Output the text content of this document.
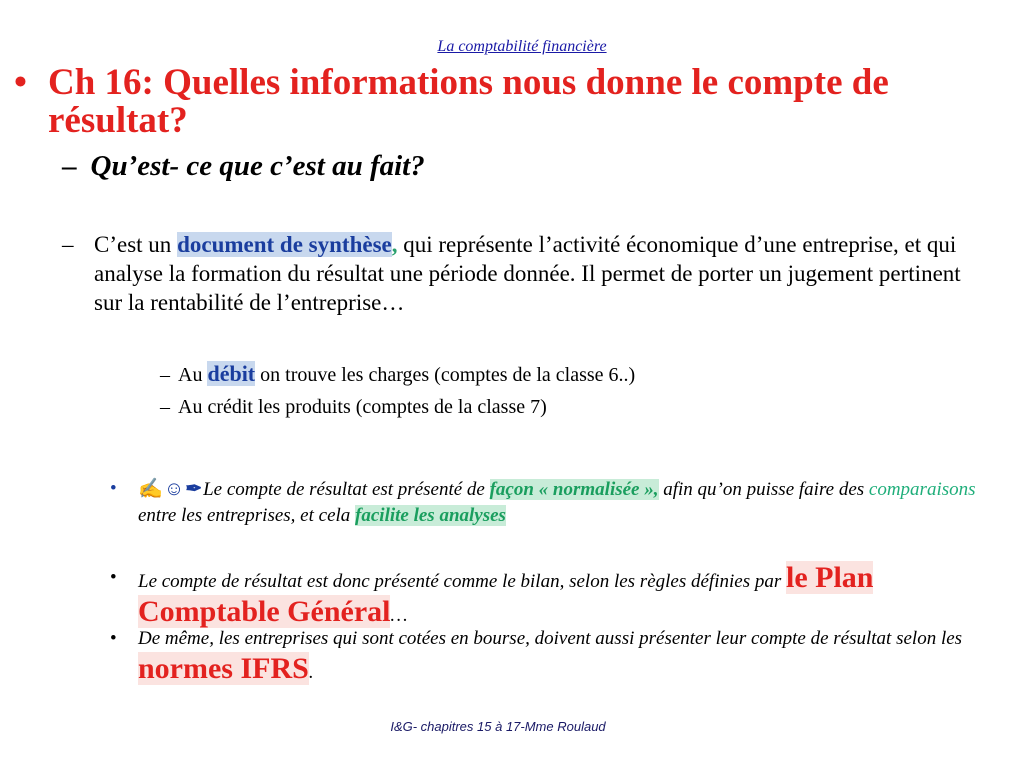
La comptabilité financière
• Ch 16: Quelles informations nous donne le compte de résultat?
– Qu’est- ce que c’est au fait?
– C’est un document de synthèse, qui représente l’activité économique d’une entreprise, et qui analyse la formation du résultat une période donnée. Il permet de porter un jugement pertinent sur la rentabilité de l’entreprise…
– Au débit on trouve les charges (comptes de la classe 6..)
– Au crédit les produits (comptes de la classe 7)
• ✍☺✒Le compte de résultat est présenté de façon « normalisée », afin qu’on puisse faire des comparaisons entre les entreprises, et cela facilite les analyses
• Le compte de résultat est donc présenté comme le bilan, selon les règles définies par le Plan Comptable Général…
• De même, les entreprises qui sont cotées en bourse, doivent aussi présenter leur compte de résultat selon les normes IFRS.
I&G- chapitres 15 à 17-Mme Roulaud
